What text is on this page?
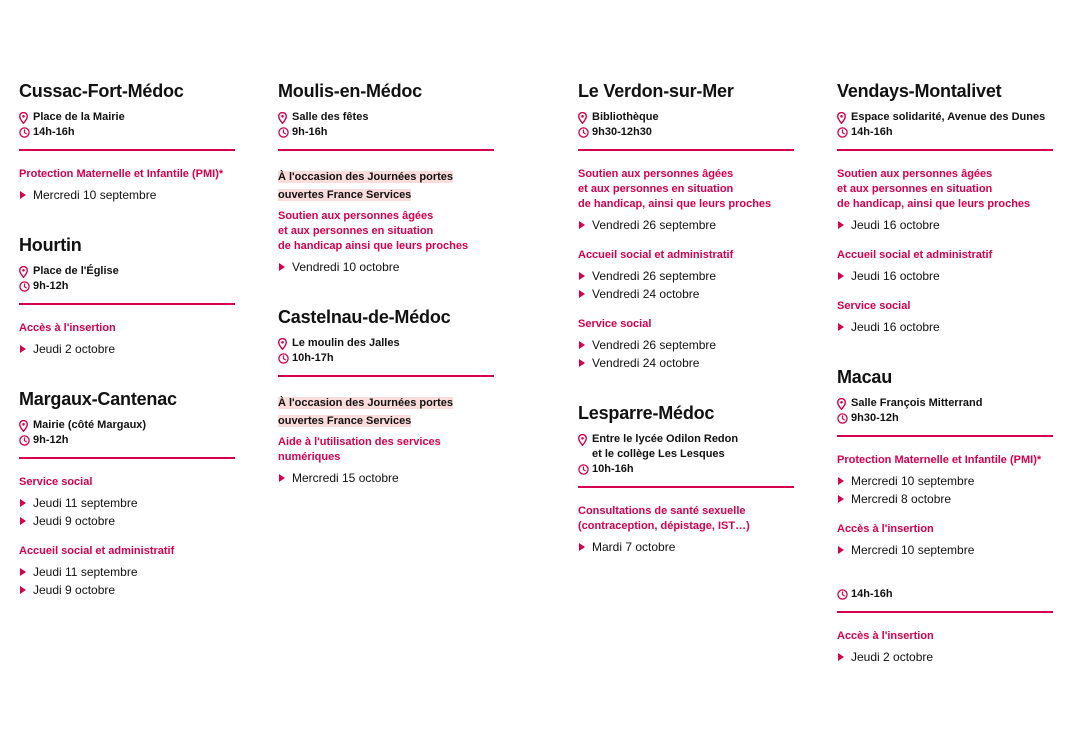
Cussac-Fort-Médoc
Place de la Mairie
14h-16h
Protection Maternelle et Infantile (PMI)*
Mercredi 10 septembre
Hourtin
Place de l'Église
9h-12h
Accès à l'insertion
Jeudi 2 octobre
Margaux-Cantenac
Mairie (côté Margaux)
9h-12h
Service social
Jeudi 11 septembre
Jeudi 9 octobre
Accueil social et administratif
Jeudi 11 septembre
Jeudi 9 octobre
Moulis-en-Médoc
Salle des fêtes
9h-16h
À l'occasion des Journées portes
ouvertes France Services
Soutien aux personnes âgées
et aux personnes en situation
de handicap ainsi que leurs proches
Vendredi 10 octobre
Castelnau-de-Médoc
Le moulin des Jalles
10h-17h
À l'occasion des Journées portes
ouvertes France Services
Aide à l'utilisation des services
numériques
Mercredi 15 octobre
Le Verdon-sur-Mer
Bibliothèque
9h30-12h30
Soutien aux personnes âgées
et aux personnes en situation
de handicap, ainsi que leurs proches
Vendredi 26 septembre
Accueil social et administratif
Vendredi 26 septembre
Vendredi 24 octobre
Service social
Vendredi 26 septembre
Vendredi 24 octobre
Lesparre-Médoc
Entre le lycée Odilon Redon
et le collège Les Lesques
10h-16h
Consultations de santé sexuelle
(contraception, dépistage, IST…)
Mardi 7 octobre
Vendays-Montalivet
Espace solidarité, Avenue des Dunes
14h-16h
Soutien aux personnes âgées
et aux personnes en situation
de handicap, ainsi que leurs proches
Jeudi 16 octobre
Accueil social et administratif
Jeudi 16 octobre
Service social
Jeudi 16 octobre
Macau
Salle François Mitterrand
9h30-12h
Protection Maternelle et Infantile (PMI)*
Mercredi 10 septembre
Mercredi 8 octobre
Accès à l'insertion
Mercredi 10 septembre
14h-16h
Accès à l'insertion
Jeudi 2 octobre
